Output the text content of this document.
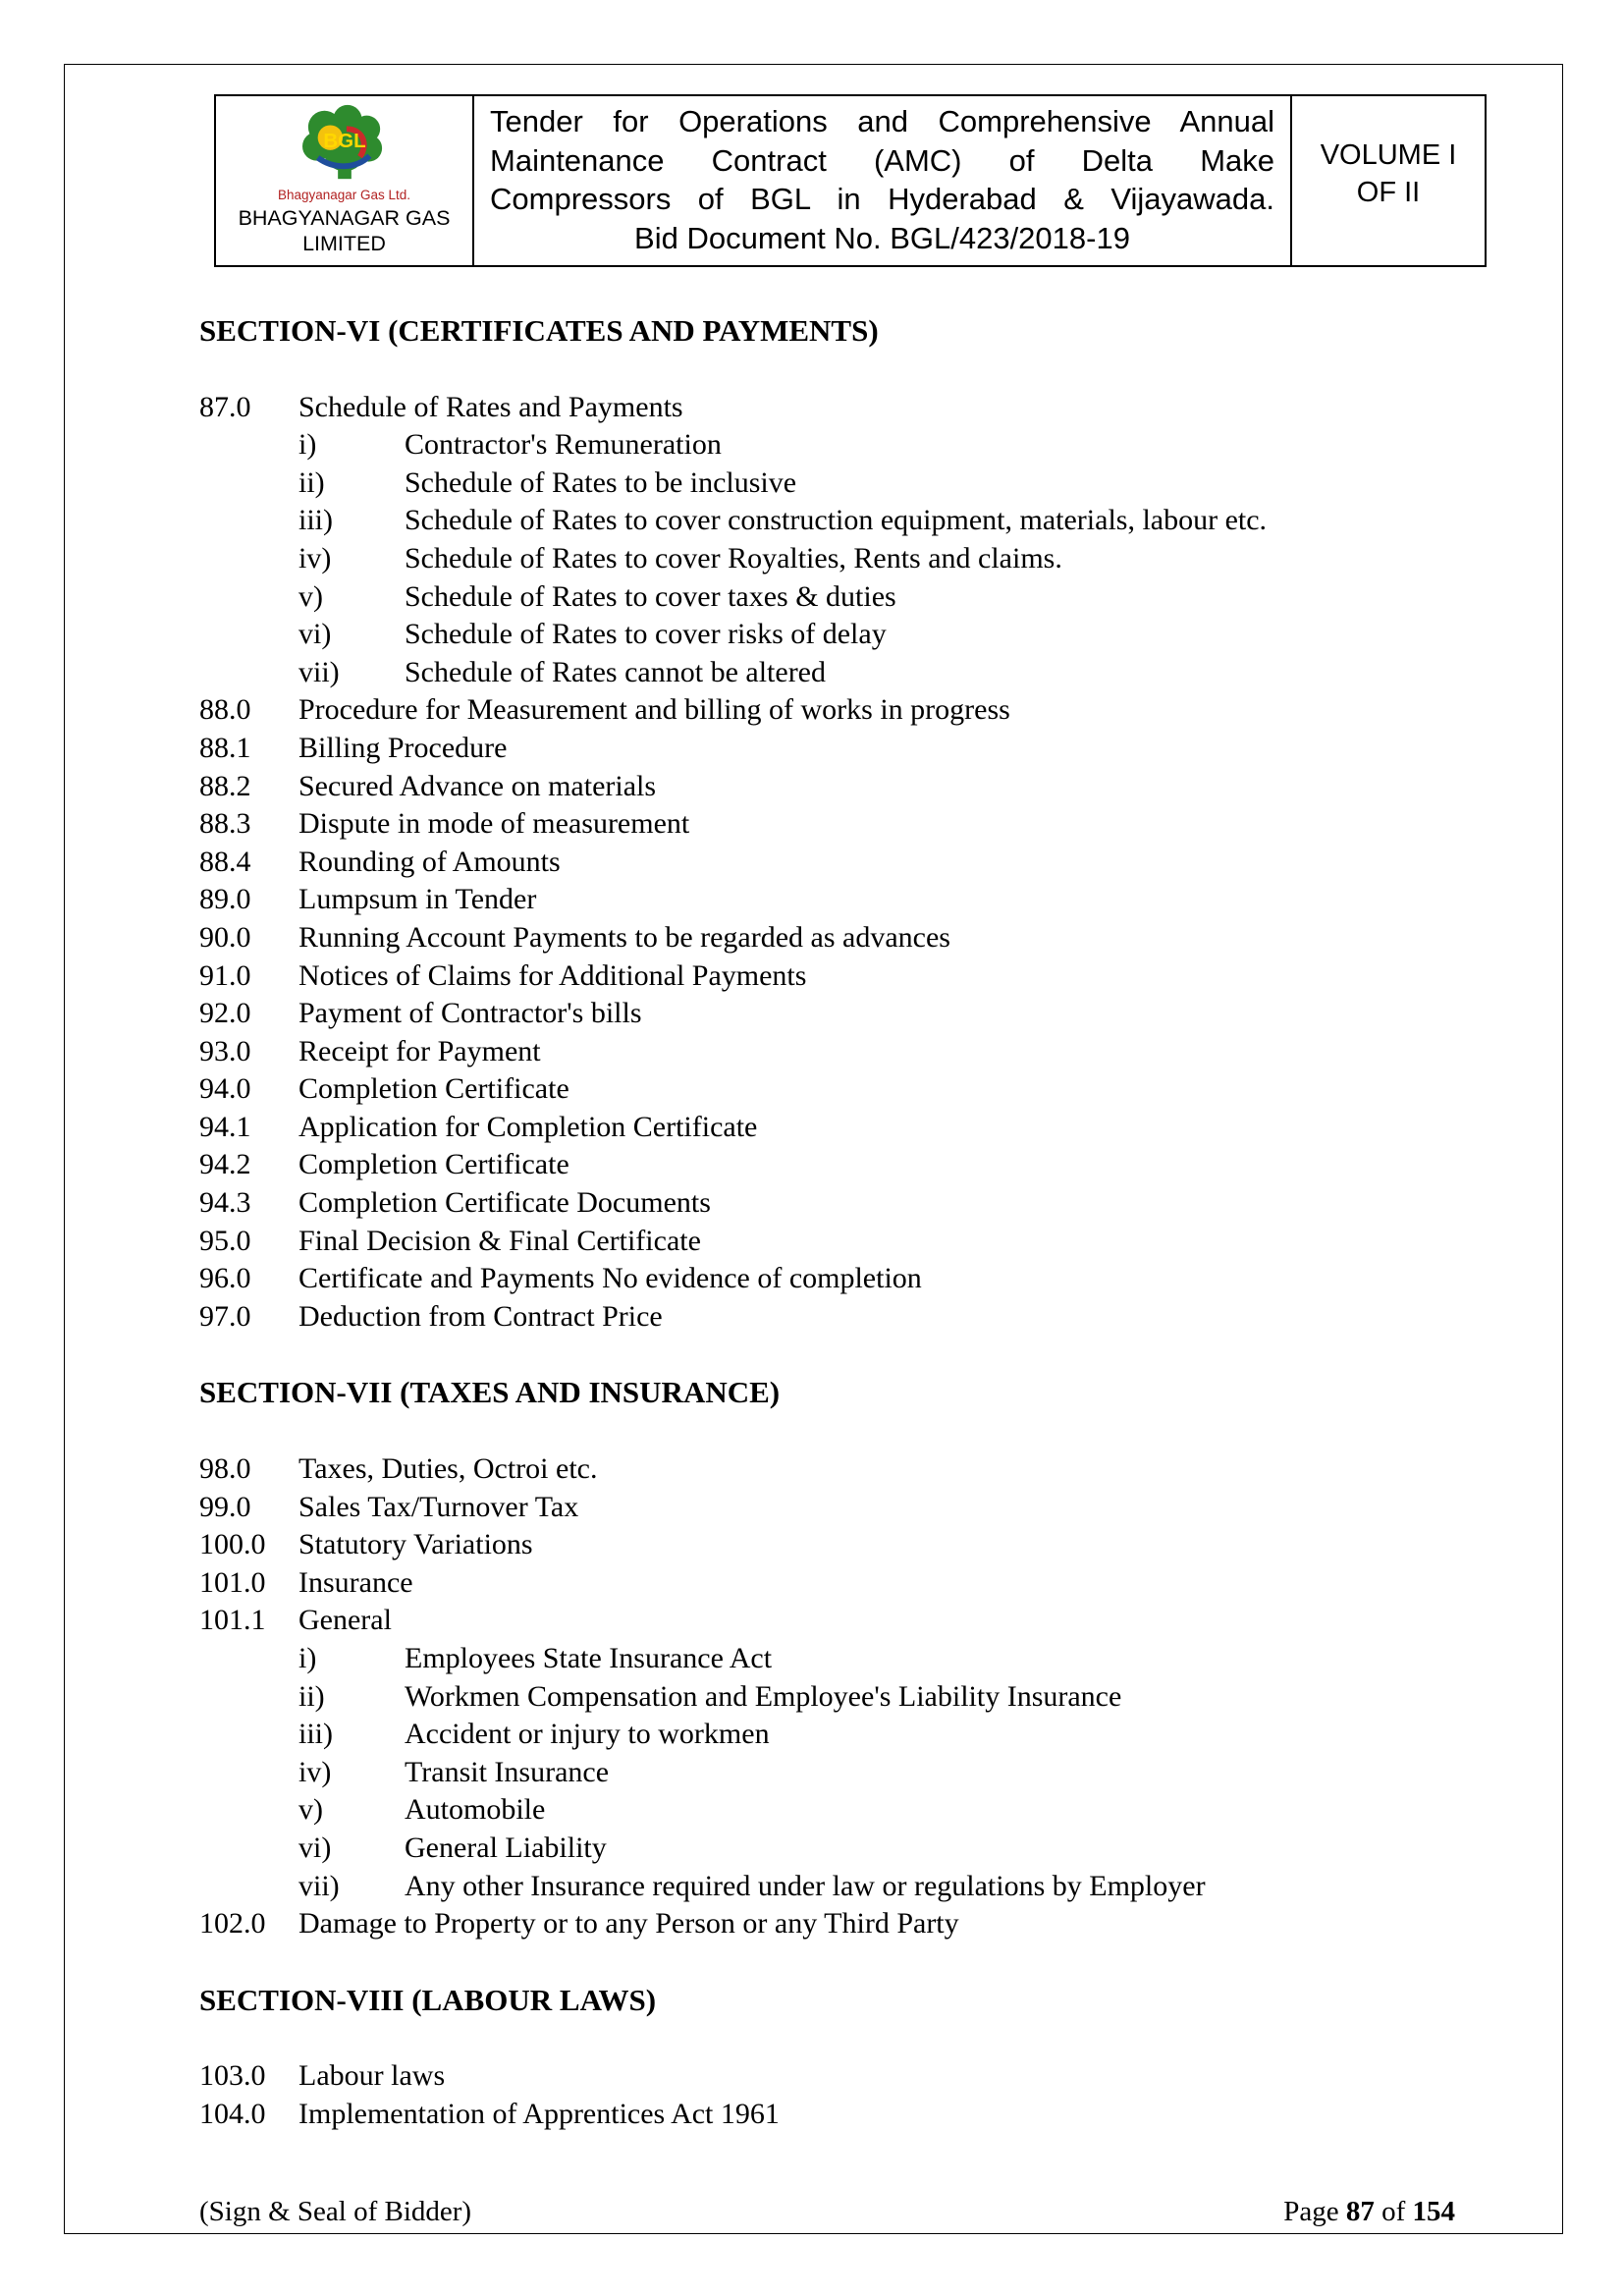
BGL
Bhagyanagar Gas Ltd.
BHAGYANAGAR GAS
LIMITED
Tender for Operations and Comprehensive Annual
Maintenance Contract (AMC) of Delta Make
Compressors of BGL in Hyderabad & Vijayawada.
Bid Document No. BGL/423/2018-19
VOLUME I
OF II
SECTION-VI (CERTIFICATES AND PAYMENTS)
87.0	Schedule of Rates and Payments
i)	Contractor's Remuneration
ii)	Schedule of Rates to be inclusive
iii)	Schedule of Rates to cover construction equipment, materials, labour etc.
iv)	Schedule of Rates to cover Royalties, Rents and claims.
v)	Schedule of Rates to cover taxes & duties
vi)	Schedule of Rates to cover risks of delay
vii)	Schedule of Rates cannot be altered
88.0	Procedure for Measurement and billing of works in progress
88.1	Billing Procedure
88.2	Secured Advance on materials
88.3	Dispute in mode of measurement
88.4	Rounding of Amounts
89.0	Lumpsum in Tender
90.0	Running Account Payments to be regarded as advances
91.0	Notices of Claims for Additional Payments
92.0	Payment of Contractor's bills
93.0	Receipt for Payment
94.0	Completion Certificate
94.1	Application for Completion Certificate
94.2	Completion Certificate
94.3	Completion Certificate Documents
95.0	Final Decision & Final Certificate
96.0	Certificate and Payments No evidence of completion
97.0	Deduction from Contract Price
SECTION-VII (TAXES AND INSURANCE)
98.0	Taxes, Duties, Octroi etc.
99.0	Sales Tax/Turnover Tax
100.0	Statutory Variations
101.0	Insurance
101.1	General
i)	Employees State Insurance Act
ii)	Workmen Compensation and Employee's Liability Insurance
iii)	Accident or injury to workmen
iv)	Transit Insurance
v)	Automobile
vi)	General Liability
vii)	Any other Insurance required under law or regulations by Employer
102.0	Damage to Property or to any Person or any Third Party
SECTION-VIII (LABOUR LAWS)
103.0	Labour laws
104.0	Implementation of Apprentices Act 1961
(Sign & Seal of Bidder)	Page 87 of 154
